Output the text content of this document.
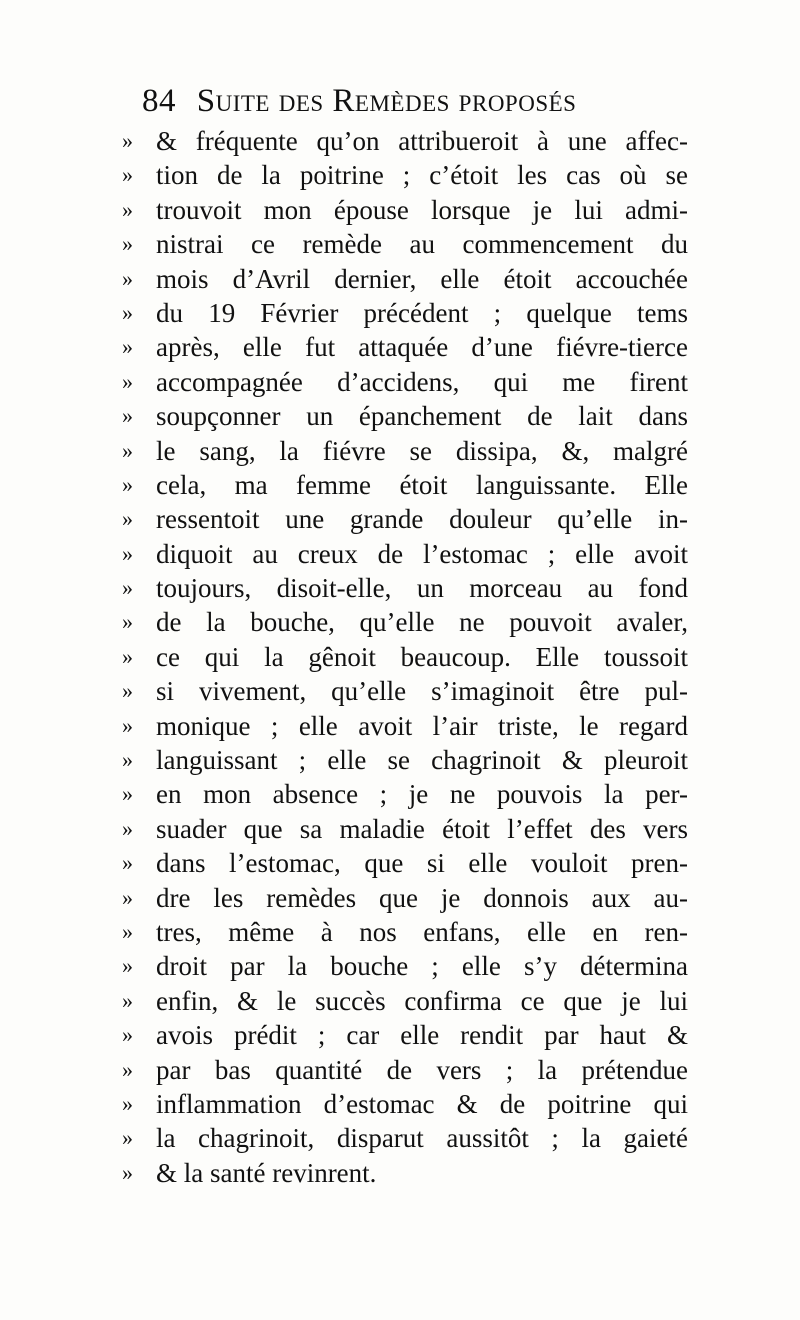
84 Suite des Remèdes proposés
» & fréquente qu’on attribueroit à une affec-
» tion de la poitrine ; c’étoit les cas où se
» trouvoit mon épouse lorsque je lui admi-
» nistrai ce remède au commencement du
» mois d’Avril dernier, elle étoit accouchée
» du 19 Février précédent ; quelque tems
» après, elle fut attaquée d’une fiévre-tierce
» accompagnée d’accidens, qui me firent
» soupçonner un épanchement de lait dans
» le sang, la fiévre se dissipa, &, malgré
» cela, ma femme étoit languissante. Elle
» ressentoit une grande douleur qu’elle in-
» diquoit au creux de l’estomac ; elle avoit
» toujours, disoit-elle, un morceau au fond
» de la bouche, qu’elle ne pouvoit avaler,
» ce qui la gênoit beaucoup. Elle toussoit
» si vivement, qu’elle s’imaginoit être pul-
» monique ; elle avoit l’air triste, le regard
» languissant ; elle se chagrinoit & pleuroit
» en mon absence ; je ne pouvois la per-
» suader que sa maladie étoit l’effet des vers
» dans l’estomac, que si elle vouloit pren-
» dre les remèdes que je donnois aux au-
» tres, même à nos enfans, elle en ren-
» droit par la bouche ; elle s’y détermina
» enfin, & le succès confirma ce que je lui
» avois prédit ; car elle rendit par haut &
» par bas quantité de vers ; la prétendue
» inflammation d’estomac & de poitrine qui
» la chagrinoit, disparut aussitôt ; la gaieté
» & la santé revinrent.
